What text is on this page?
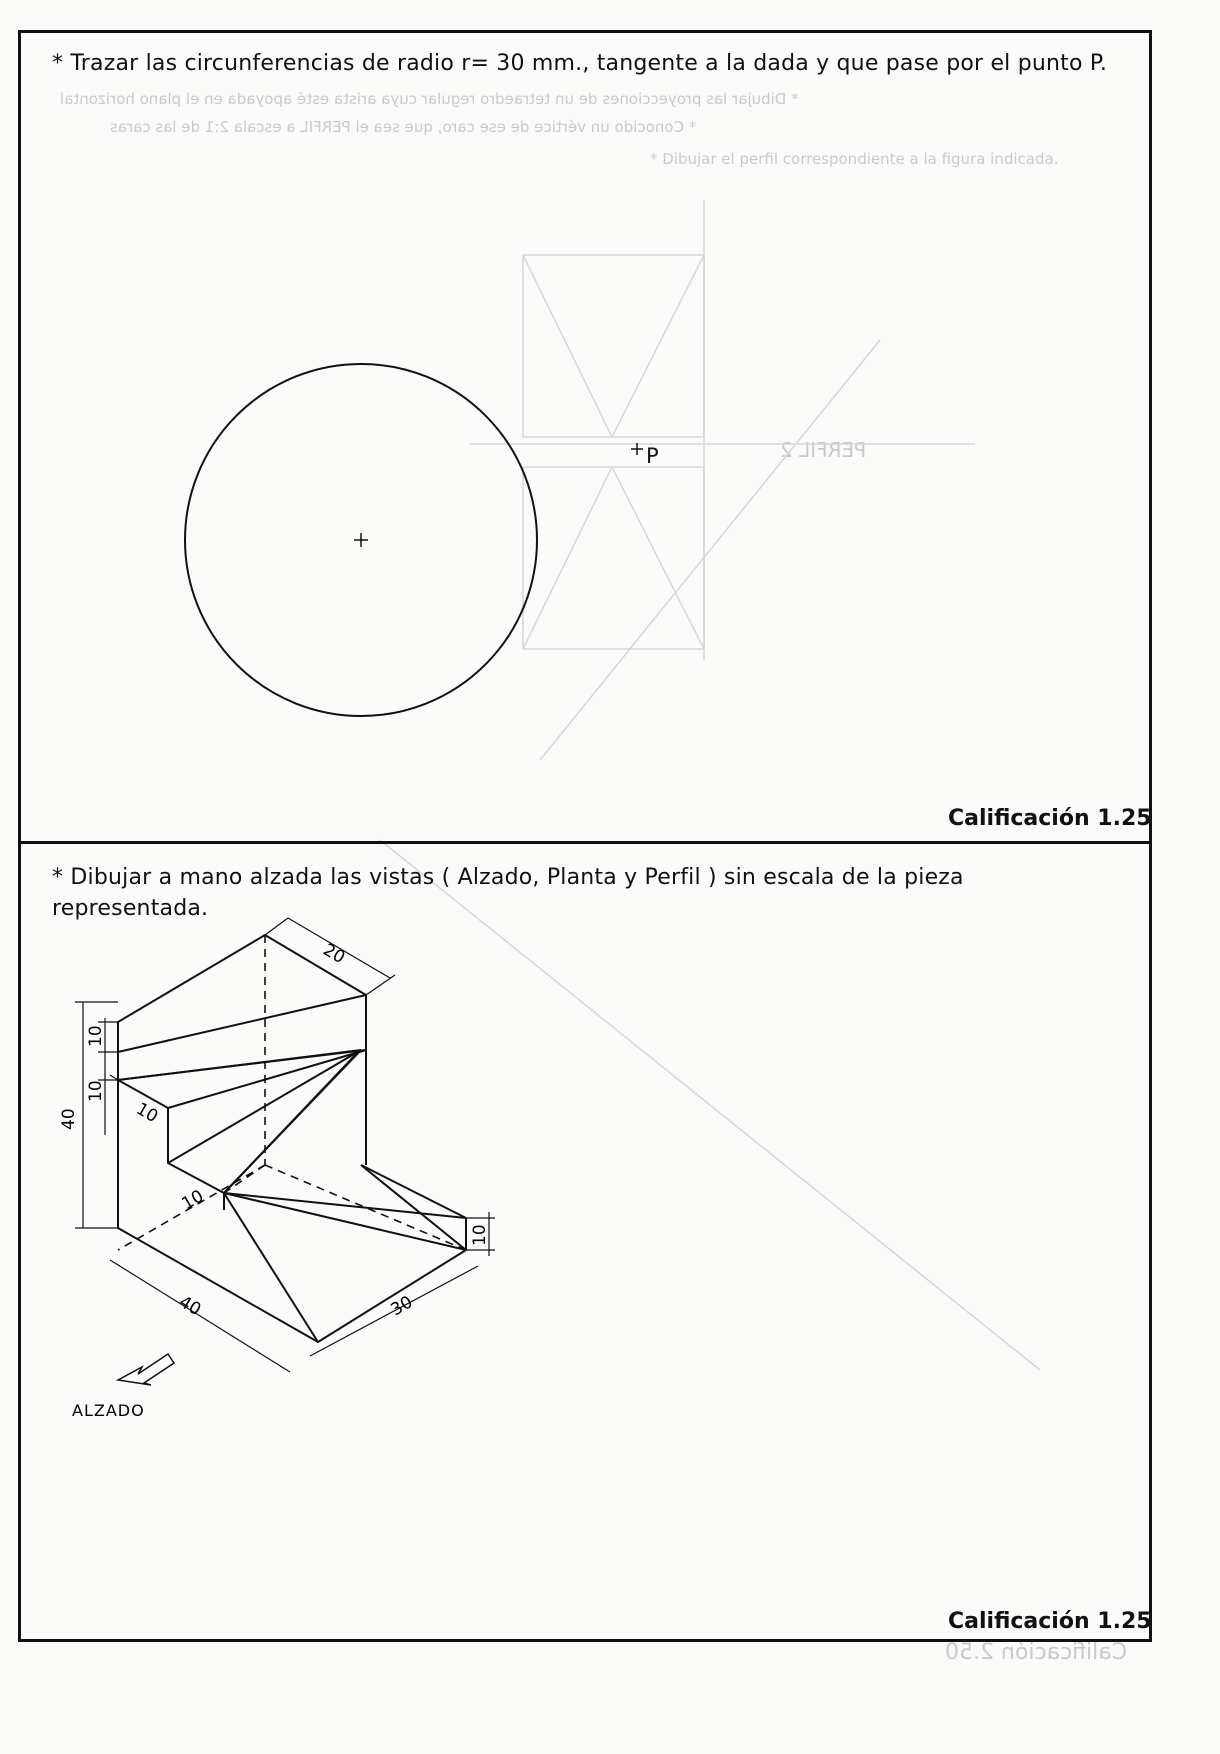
* Dibujar las proyecciones de un tetraedro regular cuya arista esté apoyada en el plano horizontal
* Conocido un vértice de ese caro, que sea el PERFIL a escala 2:1 de las caras
* Dibujar el perfil correspondiente a la figura indicada.
PERFIL 2
Calificación 2.50
* Trazar las circunferencias de radio r= 30 mm., tangente a la dada y que pase por el punto P.
P
Calificación 1.25
* Dibujar a mano alzada las vistas ( Alzado, Planta y Perfil ) sin escala de la pieza representada.
20
10
10
40	10
10
10
40	30
ALZADO
Calificación 1.25
